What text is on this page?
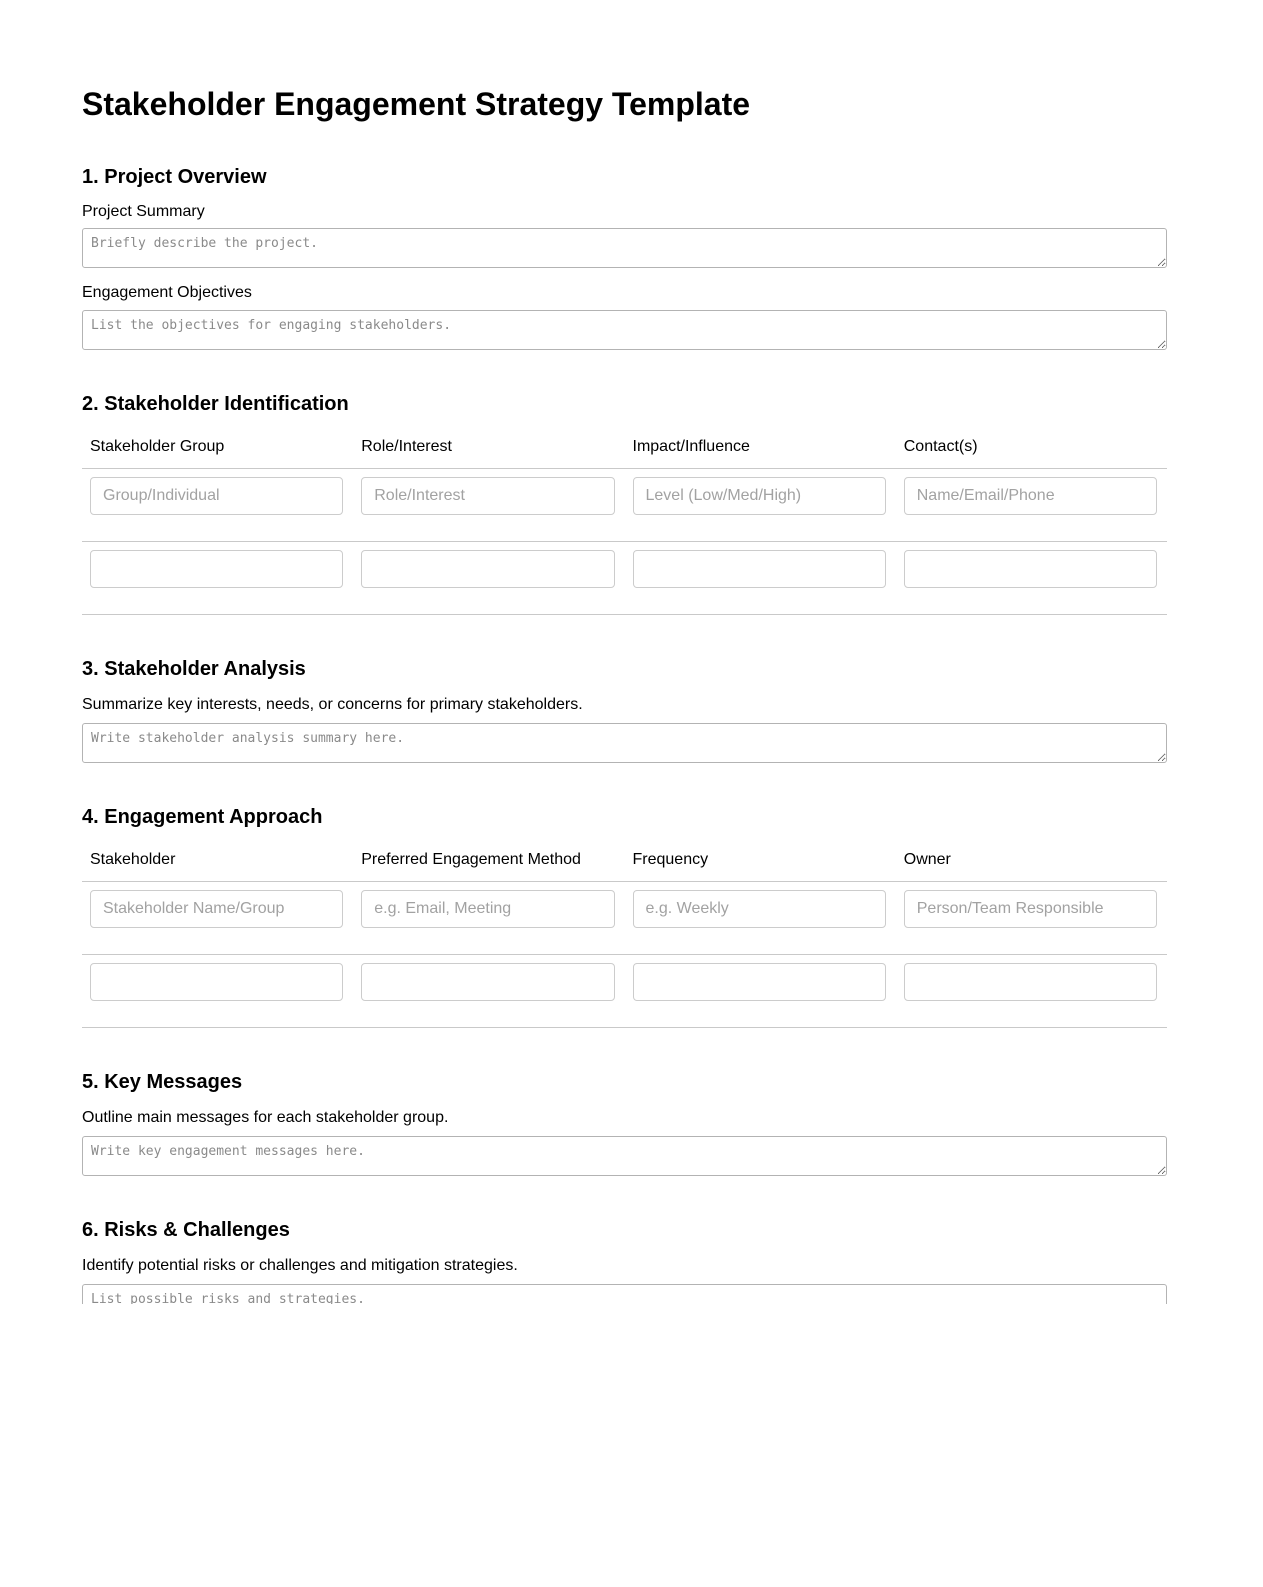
Stakeholder Engagement Strategy Template
1. Project Overview
Project Summary
Briefly describe the project.
Engagement Objectives
List the objectives for engaging stakeholders.
2. Stakeholder Identification
Stakeholder Group	Role/Interest	Impact/Influence	Contact(s)
Group/Individual	Role/Interest	Level (Low/Med/High)	Name/Email/Phone

3. Stakeholder Analysis

Summarize key interests, needs, or concerns for primary stakeholders.

Write stakeholder analysis summary here.
4. Engagement Approach
Stakeholder	Preferred Engagement Method	Frequency	Owner
Stakeholder Name/Group	e.g. Email, Meeting	e.g. Weekly	Person/Team Responsible

5. Key Messages

Outline main messages for each stakeholder group.

Write key engagement messages here.
6. Risks & Challenges

Identify potential risks or challenges and mitigation strategies.

List possible risks and strategies.
